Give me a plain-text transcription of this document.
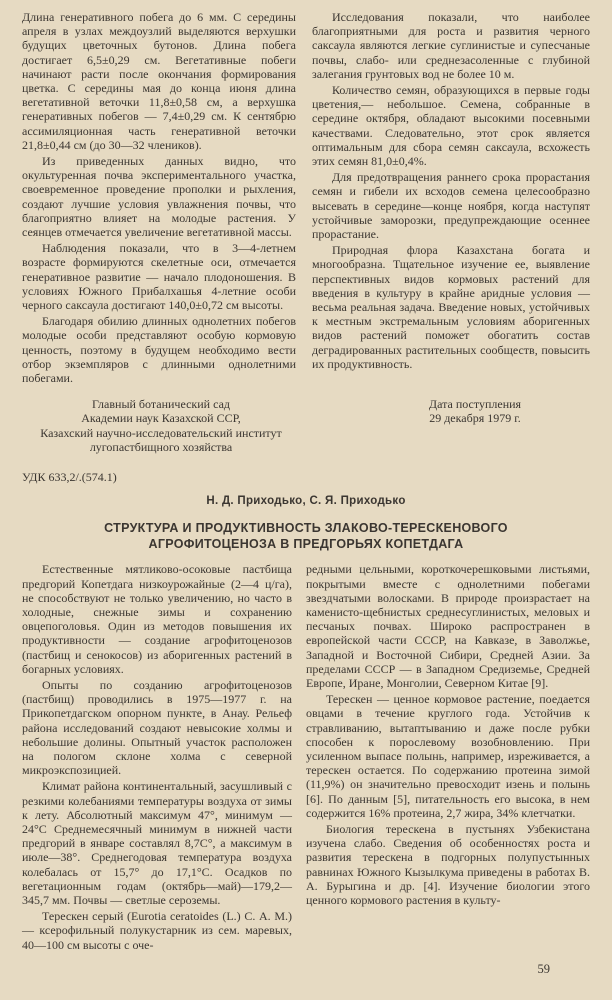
Длина генеративного побега до 6 мм. С середины апреля в узлах междоузлий выделяются верхушки будущих цветочных бутонов. Длина побега достигает 6,5±0,29 см. Вегетативные побеги начинают расти после окончания формирования цветка. С середины мая до конца июня длина вегетативной веточки 11,8±0,58 см, а верхушка генеративных побегов — 7,4±0,29 см. К сентябрю ассимиляционная часть генеративной веточки 21,8±0,44 см (до 30—32 члеников).

Из приведенных данных видно, что окультуренная почва экспериментального участка, своевременное проведение прополки и рыхления, создают лучшие условия увлажнения почвы, что благоприятно влияет на молодые растения. У сеянцев отмечается увеличение вегетативной массы.

Наблюдения показали, что в 3—4-летнем возрасте формируются скелетные оси, отмечается генеративное развитие — начало плодоношения. В условиях Южного Прибалхашья 4-летние особи черного саксаула достигают 140,0±0,72 см высоты.

Благодаря обилию длинных однолетних побегов молодые особи представляют особую кормовую ценность, поэтому в будущем необходимо вести отбор экземпляров с длинными однолетними побегами.

Исследования показали, что наиболее благоприятными для роста и развития черного саксаула являются легкие суглинистые и супесчаные почвы, слабо- или среднезасоленные с глубиной залегания грунтовых вод не более 10 м.

Количество семян, образующихся в первые годы цветения,— небольшое. Семена, собранные в середине октября, обладают высокими посевными качествами. Следовательно, этот срок является оптимальным для сбора семян саксаула, всхожесть этих семян 81,0±0,4%.

Для предотвращения раннего срока прорастания семян и гибели их всходов семена целесообразно высевать в середине—конце ноября, когда наступят устойчивые заморозки, предупреждающие осеннее прорастание.

Природная флора Казахстана богата и многообразна. Тщательное изучение ее, выявление перспективных видов кормовых растений для введения в культуру в крайне аридные условия — весьма реальная задача. Введение новых, устойчивых к местным экстремальным условиям аборигенных видов растений поможет обогатить состав деградированных растительных сообществ, повысить их продуктивность.

Главный ботанический сад
Академии наук Казахской ССР,
Казахский научно-исследовательский институт
лугопастбищного хозяйства
Дата поступления
29 декабря 1979 г.
УДК 633,2/.(574.1)
Н. Д. Приходько, С. Я. Приходько
СТРУКТУРА И ПРОДУКТИВНОСТЬ ЗЛАКОВО-ТЕРЕСКЕНОВОГО
АГРОФИТОЦЕНОЗА В ПРЕДГОРЬЯХ КОПЕТДАГА

Естественные мятликово-осоковые пастбища предгорий Копетдага низкоурожайные (2—4 ц/га), не способствуют не только увеличению, но часто в холодные, снежные зимы и сохранению овцепоголовья. Один из методов повышения их продуктивности — создание агрофитоценозов (пастбищ и сенокосов) из аборигенных растений в богарных условиях.

Опыты по созданию агрофитоценозов (пастбищ) проводились в 1975—1977 г. на Прикопетдагском опорном пункте, в Анау. Рельеф района исследований создают невысокие холмы и небольшие долины. Опытный участок расположен на пологом склоне холма с северной микроэкспозицией.

Климат района континентальный, засушливый с резкими колебаниями температуры воздуха от зимы к лету. Абсолютный максимум 47°, минимум — 24°С Среднемесячный минимум в нижней части предгорий в январе составлял 8,7С°, а максимум в июле—38°. Среднегодовая температура воздуха колебалась от 15,7° до 17,1°С. Осадков по вегетационным годам (октябрь—май)—179,2—345,7 мм. Почвы — светлые сероземы.

Терескен серый (Eurotia ceratoides (L.) С. А. М.) — ксерофильный полукустарник из сем. маревых, 40—100 см высоты с оче-

редными цельными, короткочерешковыми листьями, покрытыми вместе с однолетними побегами звездчатыми волосками. В природе произрастает на каменисто-щебнистых среднесуглинистых, меловых и песчаных почвах. Широко распространен в европейской части СССР, на Кавказе, в Заволжье, Западной и Восточной Сибири, Средней Азии. За пределами СССР — в Западном Средиземье, Средней Европе, Иране, Монголии, Северном Китае [9].

Терескен — ценное кормовое растение, поедается овцами в течение круглого года. Устойчив к стравливанию, вытаптыванию и даже после рубки способен к порослевому возобновлению. При усиленном выпасе полынь, например, изреживается, а терескен остается. По содержанию протеина зимой (11,9%) он значительно превосходит изень и полынь [6]. По данным [5], питательность его высока, в нем содержится 16% протеина, 2,7 жира, 34% клетчатки.

Биология терескена в пустынях Узбекистана изучена слабо. Сведения об особенностях роста и развития терескена в подгорных полупустынных равнинах Южного Кызылкума приведены в работах В. А. Бурыгина и др. [4]. Изучение биологии этого ценного кормового растения в культу-

59
